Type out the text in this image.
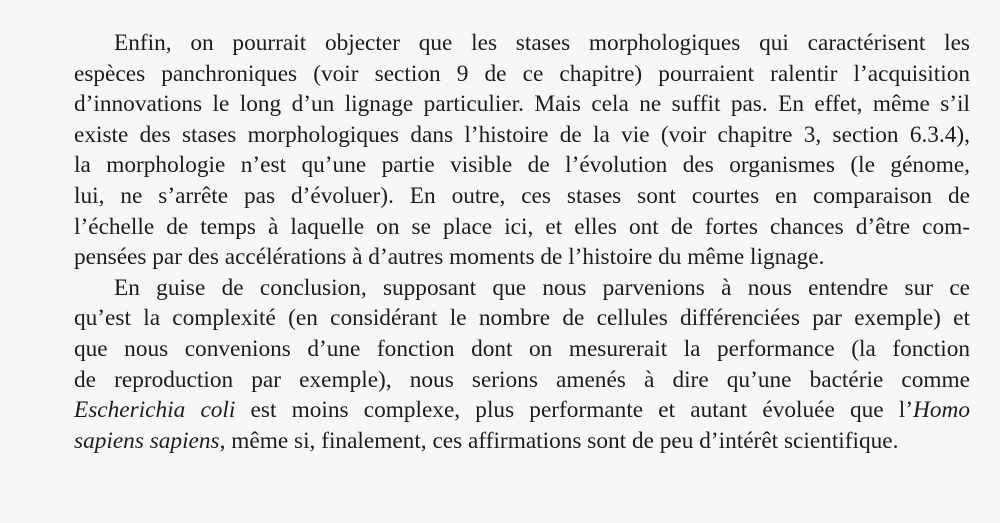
Enfin, on pourrait objecter que les stases morphologiques qui caractérisent les
espèces panchroniques (voir section 9 de ce chapitre) pourraient ralentir l’acquisition
d’innovations le long d’un lignage particulier. Mais cela ne suffit pas. En effet, même s’il
existe des stases morphologiques dans l’histoire de la vie (voir chapitre 3, section 6.3.4),
la morphologie n’est qu’une partie visible de l’évolution des organismes (le génome,
lui, ne s’arrête pas d’évoluer). En outre, ces stases sont courtes en comparaison de
l’échelle de temps à laquelle on se place ici, et elles ont de fortes chances d’être com-
pensées par des accélérations à d’autres moments de l’histoire du même lignage.
En guise de conclusion, supposant que nous parvenions à nous entendre sur ce
qu’est la complexité (en considérant le nombre de cellules différenciées par exemple) et
que nous convenions d’une fonction dont on mesurerait la performance (la fonction
de reproduction par exemple), nous serions amenés à dire qu’une bactérie comme
Escherichia coli est moins complexe, plus performante et autant évoluée que l’Homo
sapiens sapiens, même si, finalement, ces affirmations sont de peu d’intérêt scientifique.
